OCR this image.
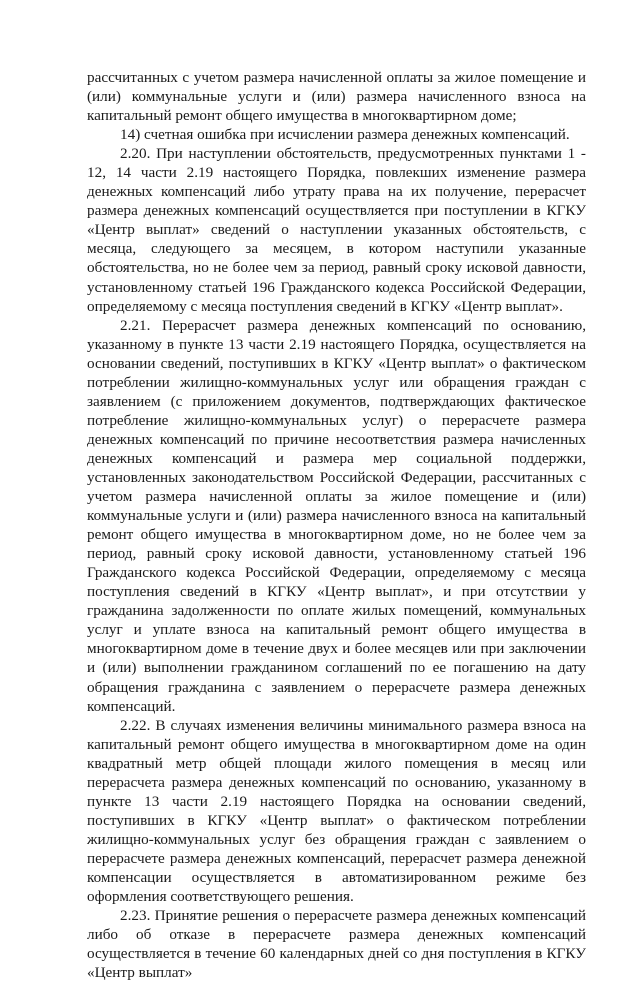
рассчитанных с учетом размера начисленной оплаты за жилое помещение и (или) коммунальные услуги и (или) размера начисленного взноса на капитальный ремонт общего имущества в многоквартирном доме;

14) счетная ошибка при исчислении размера денежных компенсаций.

2.20. При наступлении обстоятельств, предусмотренных пунктами 1 - 12, 14 части 2.19 настоящего Порядка, повлекших изменение размера денежных компенсаций либо утрату права на их получение, перерасчет размера денежных компенсаций осуществляется при поступлении в КГКУ «Центр выплат» сведений о наступлении указанных обстоятельств, с месяца, следующего за месяцем, в котором наступили указанные обстоятельства, но не более чем за период, равный сроку исковой давности, установленному статьей 196 Гражданского кодекса Российской Федерации, определяемому с месяца поступления сведений в КГКУ «Центр выплат».

2.21. Перерасчет размера денежных компенсаций по основанию, указанному в пункте 13 части 2.19 настоящего Порядка, осуществляется на основании сведений, поступивших в КГКУ «Центр выплат» о фактическом потреблении жилищно-коммунальных услуг или обращения граждан с заявлением (с приложением документов, подтверждающих фактическое потребление жилищно-коммунальных услуг) о перерасчете размера денежных компенсаций по причине несоответствия размера начисленных денежных компенсаций и размера мер социальной поддержки, установленных законодательством Российской Федерации, рассчитанных с учетом размера начисленной оплаты за жилое помещение и (или) коммунальные услуги и (или) размера начисленного взноса на капитальный ремонт общего имущества в многоквартирном доме, но не более чем за период, равный сроку исковой давности, установленному статьей 196 Гражданского кодекса Российской Федерации, определяемому с месяца поступления сведений в КГКУ «Центр выплат», и при отсутствии у гражданина задолженности по оплате жилых помещений, коммунальных услуг и уплате взноса на капитальный ремонт общего имущества в многоквартирном доме в течение двух и более месяцев или при заключении и (или) выполнении гражданином соглашений по ее погашению на дату обращения гражданина с заявлением о перерасчете размера денежных компенсаций.

2.22. В случаях изменения величины минимального размера взноса на капитальный ремонт общего имущества в многоквартирном доме на один квадратный метр общей площади жилого помещения в месяц или перерасчета размера денежных компенсаций по основанию, указанному в пункте 13 части 2.19 настоящего Порядка на основании сведений, поступивших в КГКУ «Центр выплат» о фактическом потреблении жилищно-коммунальных услуг без обращения граждан с заявлением о перерасчете размера денежных компенсаций, перерасчет размера денежной компенсации осуществляется в автоматизированном режиме без оформления соответствующего решения.

2.23. Принятие решения о перерасчете размера денежных компенсаций либо об отказе в перерасчете размера денежных компенсаций осуществляется в течение 60 календарных дней со дня поступления в КГКУ «Центр выплат»
